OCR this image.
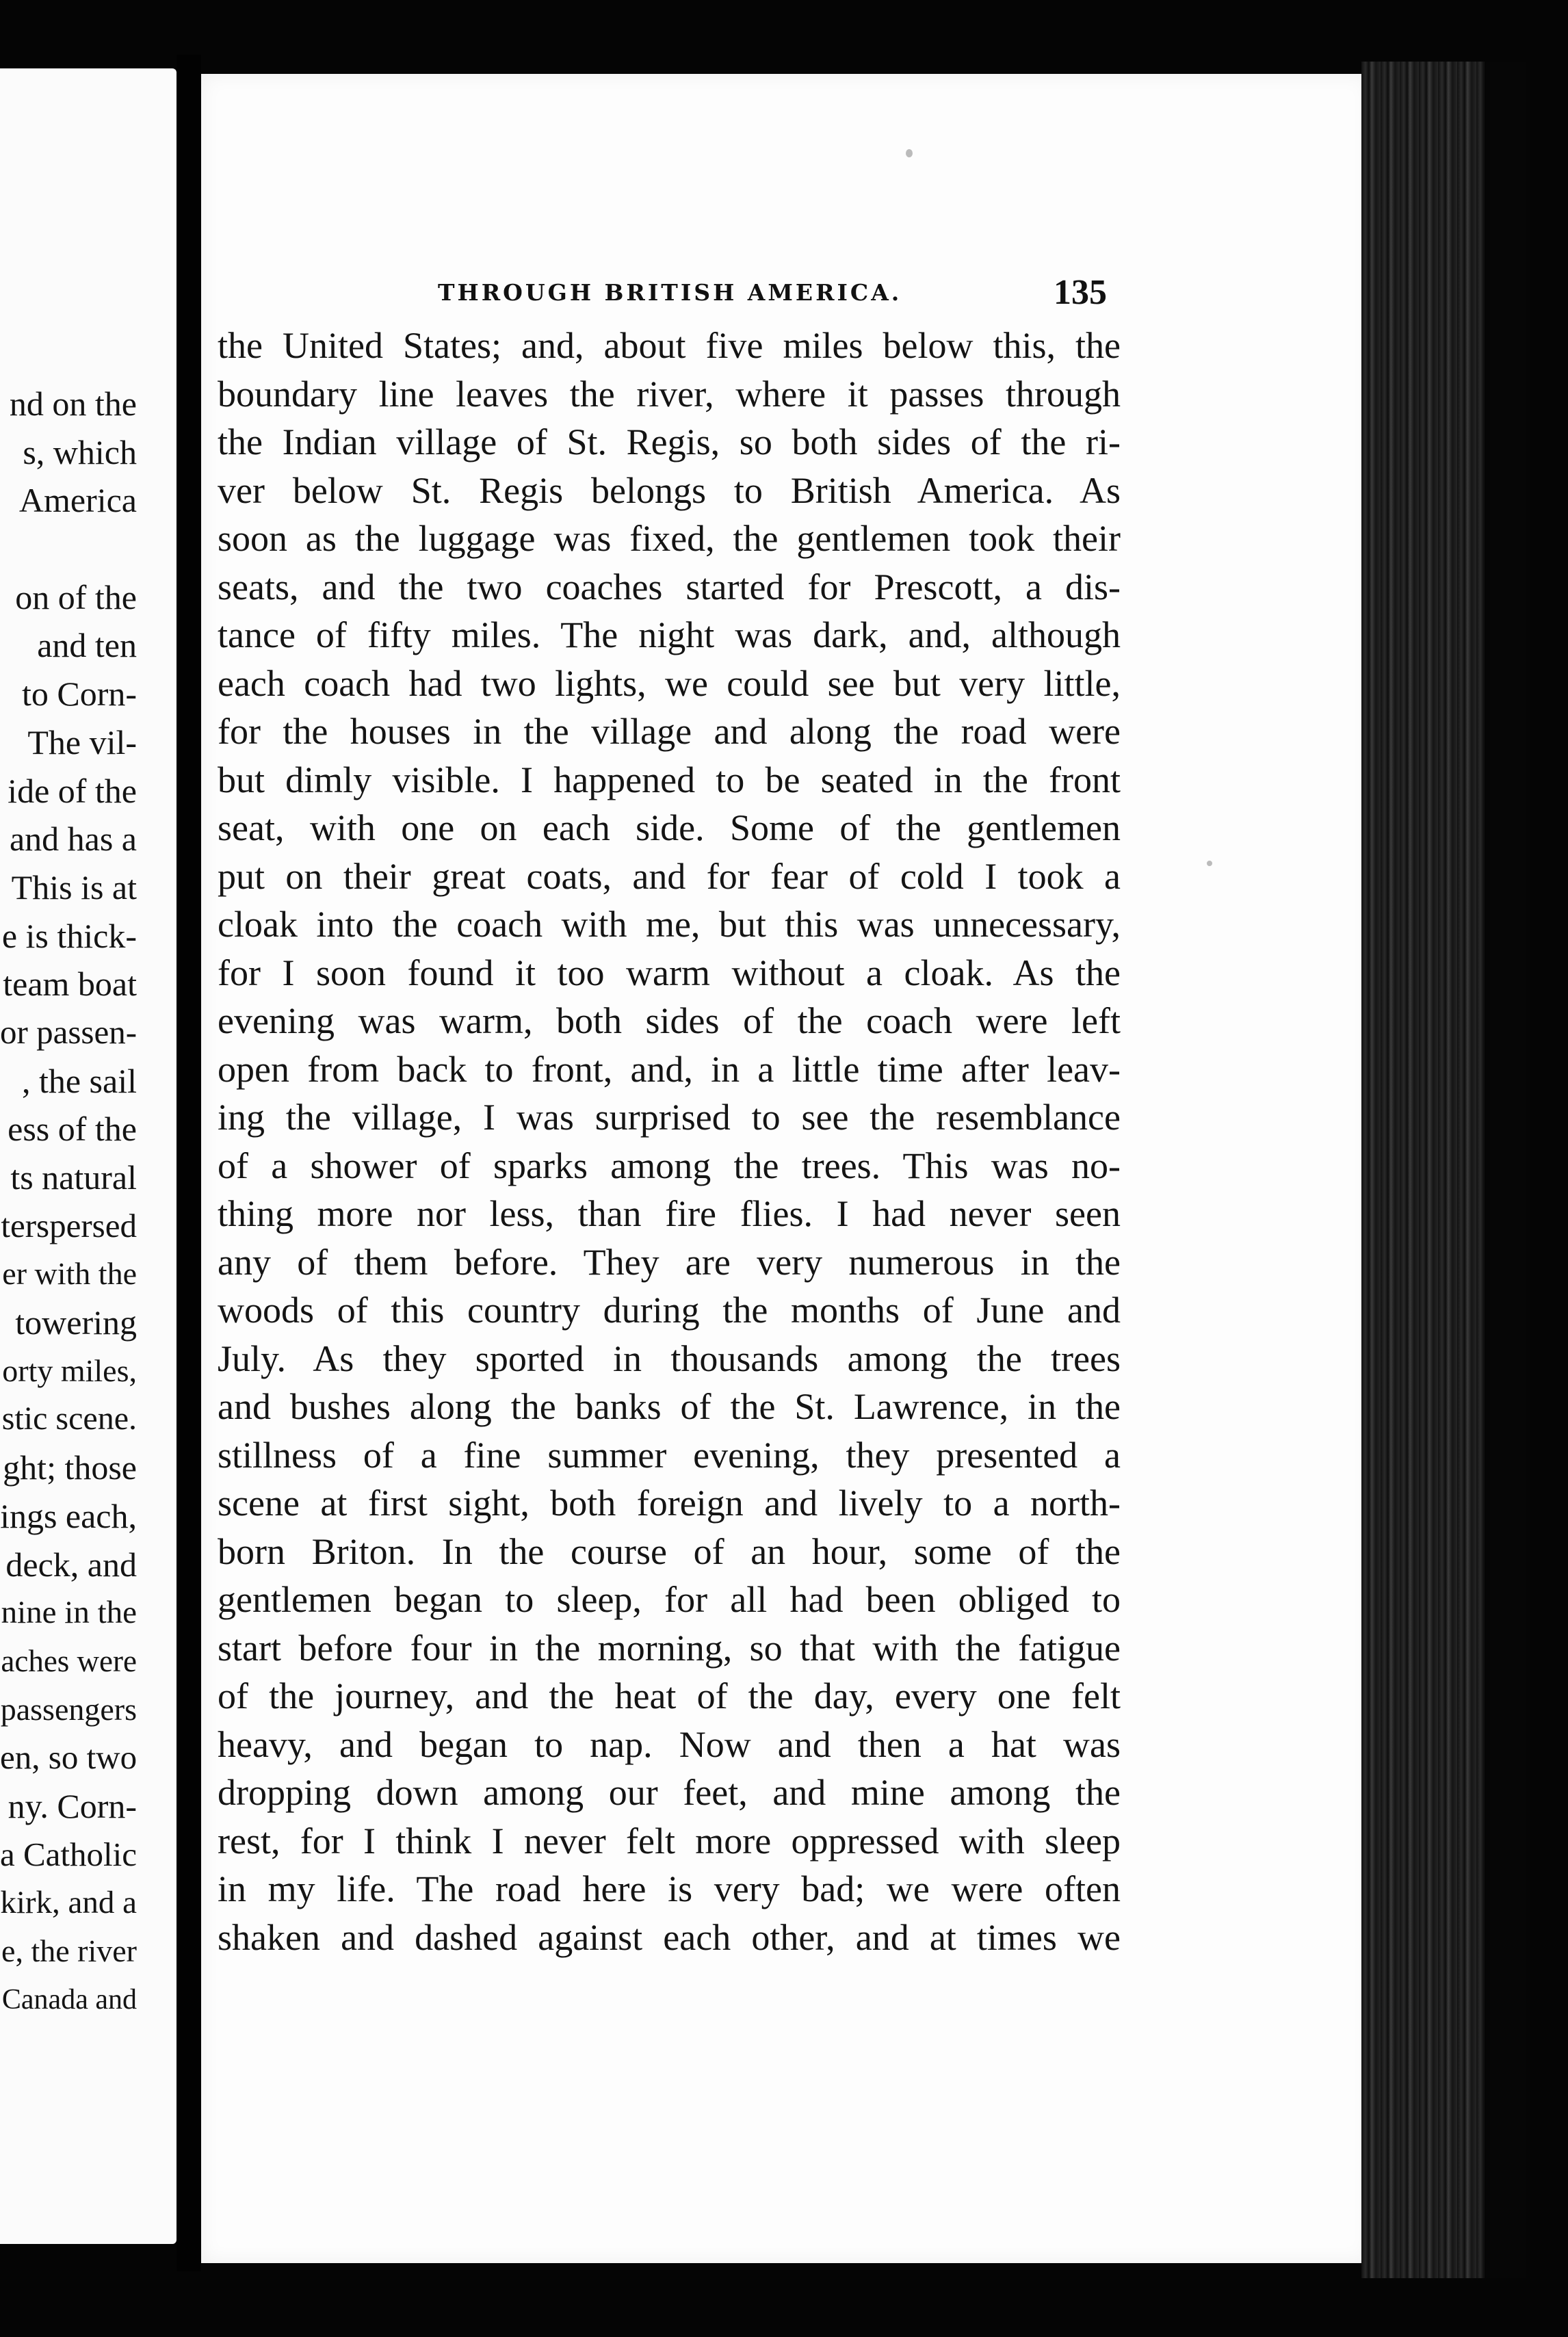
nd on the
s, which
America
on of the
and ten
to Corn-
The vil-
ide of the
and has a
This is at
e is thick-
team boat
or passen-
, the sail
ess of the
ts natural
terspersed
er with the
towering
orty miles,
stic scene.
ght; those
ings each,
deck, and
nine in the
aches were
passengers
en, so two
ny. Corn-
a Catholic
kirk, and a
e, the river
Canada and
THROUGH BRITISH AMERICA.	135
the United States; and, about five miles below this, the
boundary line leaves the river, where it passes through
the Indian village of St. Regis, so both sides of the ri-
ver below St. Regis belongs to British America. As
soon as the luggage was fixed, the gentlemen took their
seats, and the two coaches started for Prescott, a dis-
tance of fifty miles. The night was dark, and, although
each coach had two lights, we could see but very little,
for the houses in the village and along the road were
but dimly visible. I happened to be seated in the front
seat, with one on each side. Some of the gentlemen
put on their great coats, and for fear of cold I took a
cloak into the coach with me, but this was unnecessary,
for I soon found it too warm without a cloak. As the
evening was warm, both sides of the coach were left
open from back to front, and, in a little time after leav-
ing the village, I was surprised to see the resemblance
of a shower of sparks among the trees. This was no-
thing more nor less, than fire flies. I had never seen
any of them before. They are very numerous in the
woods of this country during the months of June and
July. As they sported in thousands among the trees
and bushes along the banks of the St. Lawrence, in the
stillness of a fine summer evening, they presented a
scene at first sight, both foreign and lively to a north-
born Briton. In the course of an hour, some of the
gentlemen began to sleep, for all had been obliged to
start before four in the morning, so that with the fatigue
of the journey, and the heat of the day, every one felt
heavy, and began to nap. Now and then a hat was
dropping down among our feet, and mine among the
rest, for I think I never felt more oppressed with sleep
in my life. The road here is very bad; we were often
shaken and dashed against each other, and at times we
